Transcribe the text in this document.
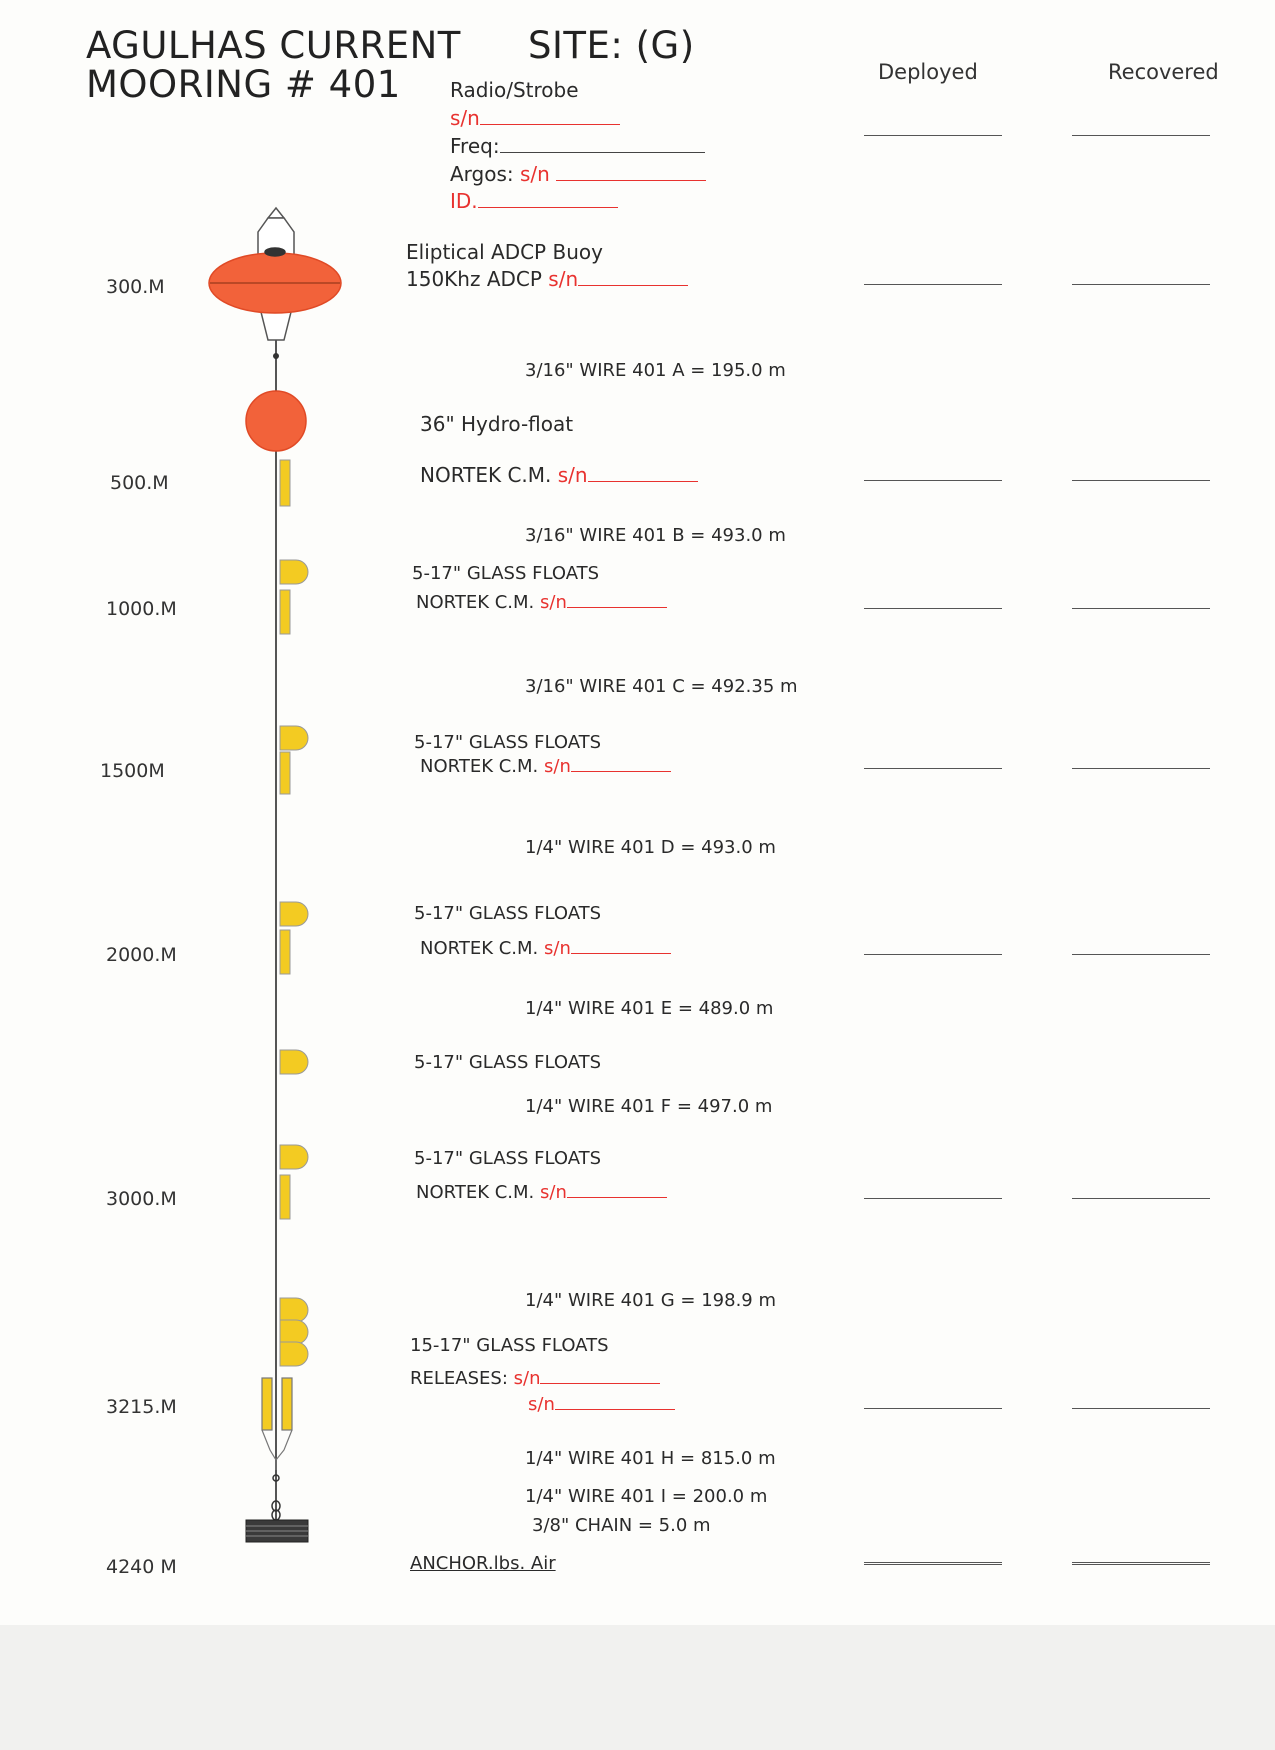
AGULHAS CURRENT
MOORING # 401
SITE: (G)
Deployed	Recovered
Radio/Strobe
s/n
Freq:
Argos: s/n
ID.
300.M
500.M
1000.M
1500M
2000.M
3000.M
3215.M
4240 M
Eliptical ADCP Buoy
150Khz ADCP s/n
36" Hydro-float
NORTEK C.M. s/n
5-17" GLASS FLOATS
NORTEK C.M. s/n
5-17" GLASS FLOATS
NORTEK C.M. s/n
5-17" GLASS FLOATS
NORTEK C.M. s/n
5-17" GLASS FLOATS
5-17" GLASS FLOATS
NORTEK C.M. s/n
15-17" GLASS FLOATS
RELEASES: s/n
s/n
ANCHOR.lbs. Air
3/16" WIRE 401 A = 195.0 m
3/16" WIRE 401 B = 493.0 m
3/16" WIRE 401 C = 492.35 m
1/4" WIRE 401 D = 493.0 m
1/4" WIRE 401 E = 489.0 m
1/4" WIRE 401 F = 497.0 m
1/4" WIRE 401 G = 198.9 m
1/4" WIRE 401 H = 815.0 m
1/4" WIRE 401 I = 200.0 m
3/8" CHAIN = 5.0 m
